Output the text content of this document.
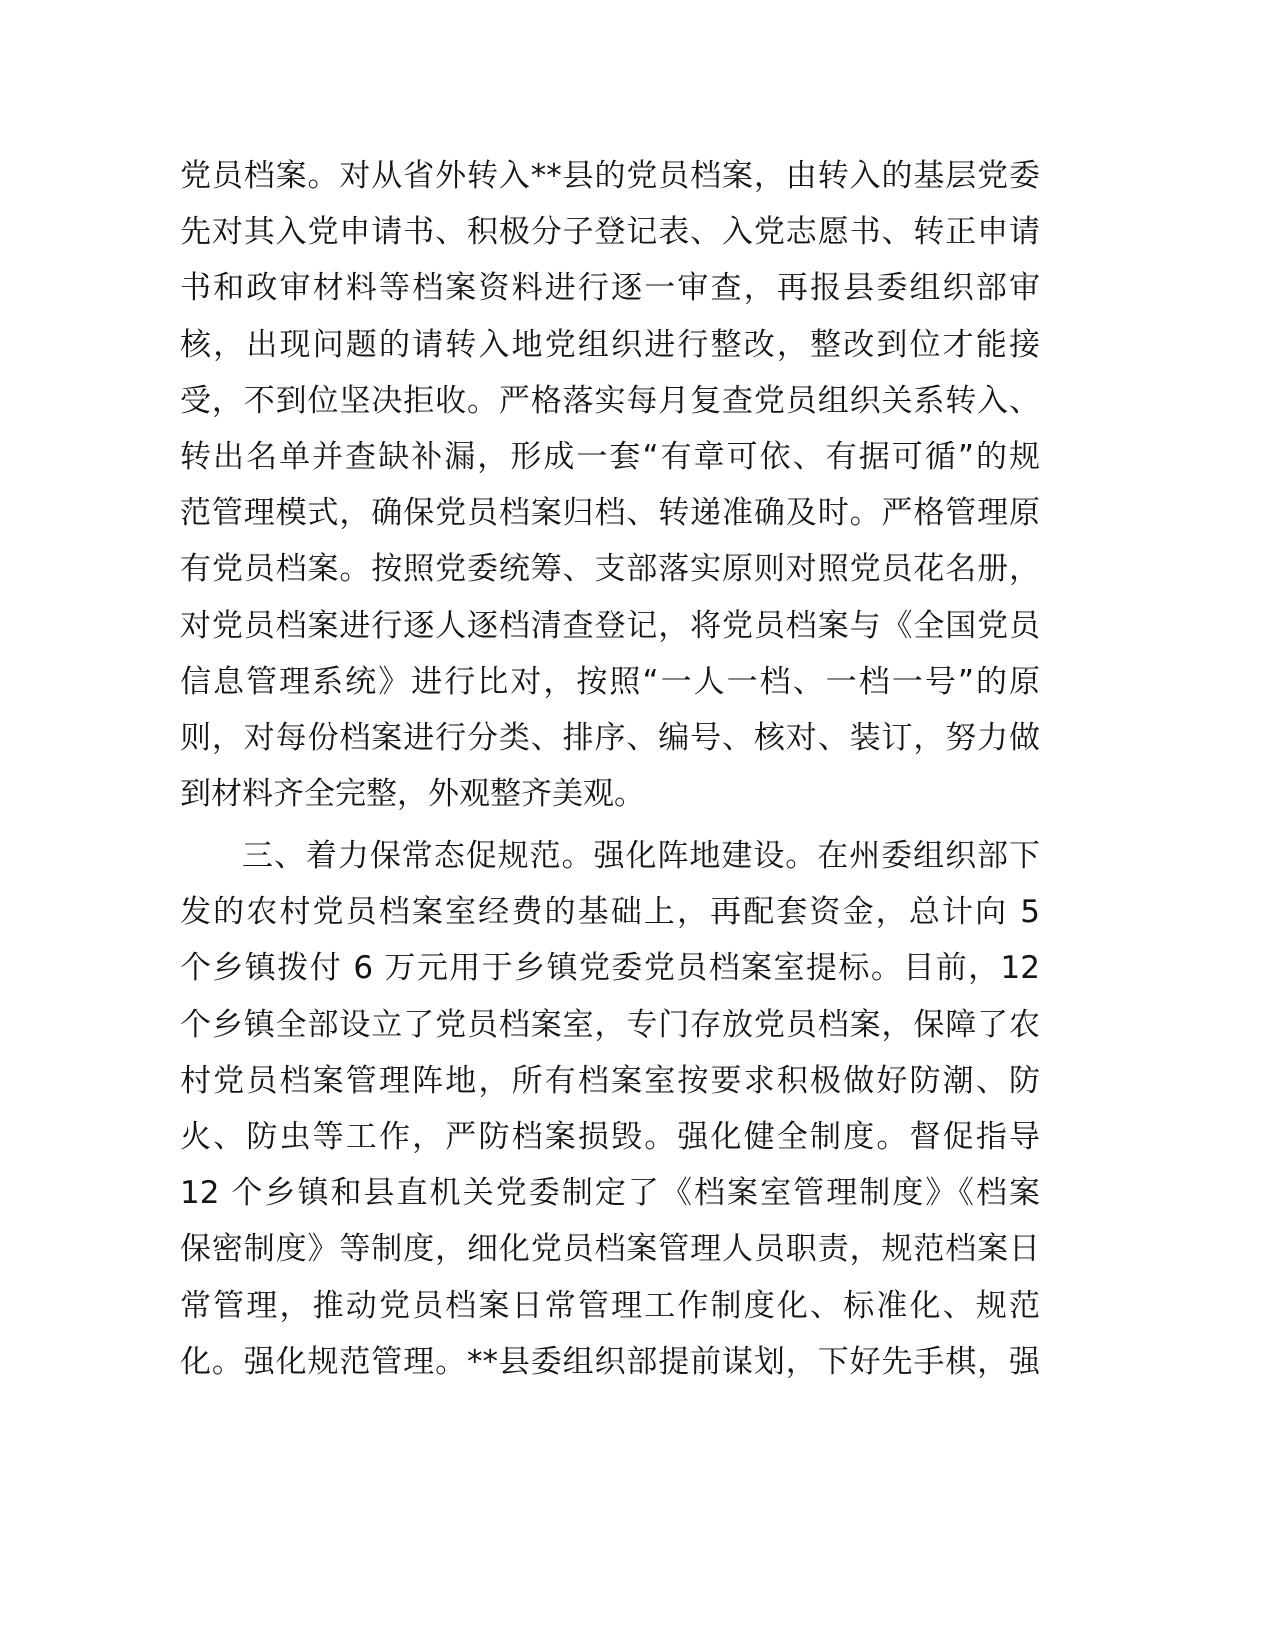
党员档案。对从省外转入**县的党员档案，由转入的基层党委
先对其入党申请书、积极分子登记表、入党志愿书、转正申请
书和政审材料等档案资料进行逐一审查，再报县委组织部审
核，出现问题的请转入地党组织进行整改，整改到位才能接
受，不到位坚决拒收。严格落实每月复查党员组织关系转入、
转出名单并查缺补漏，形成一套“有章可依、有据可循”的规
范管理模式，确保党员档案归档、转递准确及时。严格管理原
有党员档案。按照党委统筹、支部落实原则对照党员花名册，
对党员档案进行逐人逐档清查登记，将党员档案与《全国党员
信息管理系统》进行比对，按照“一人一档、一档一号”的原
则，对每份档案进行分类、排序、编号、核对、装订，努力做
到材料齐全完整，外观整齐美观。
三、着力保常态促规范。强化阵地建设。在州委组织部下
发的农村党员档案室经费的基础上，再配套资金，总计向 5
个乡镇拨付 6 万元用于乡镇党委党员档案室提标。目前，12
个乡镇全部设立了党员档案室，专门存放党员档案，保障了农
村党员档案管理阵地，所有档案室按要求积极做好防潮、防
火、防虫等工作，严防档案损毁。强化健全制度。督促指导
12 个乡镇和县直机关党委制定了《档案室管理制度》《档案
保密制度》等制度，细化党员档案管理人员职责，规范档案日
常管理，推动党员档案日常管理工作制度化、标准化、规范
化。强化规范管理。**县委组织部提前谋划，下好先手棋，强
